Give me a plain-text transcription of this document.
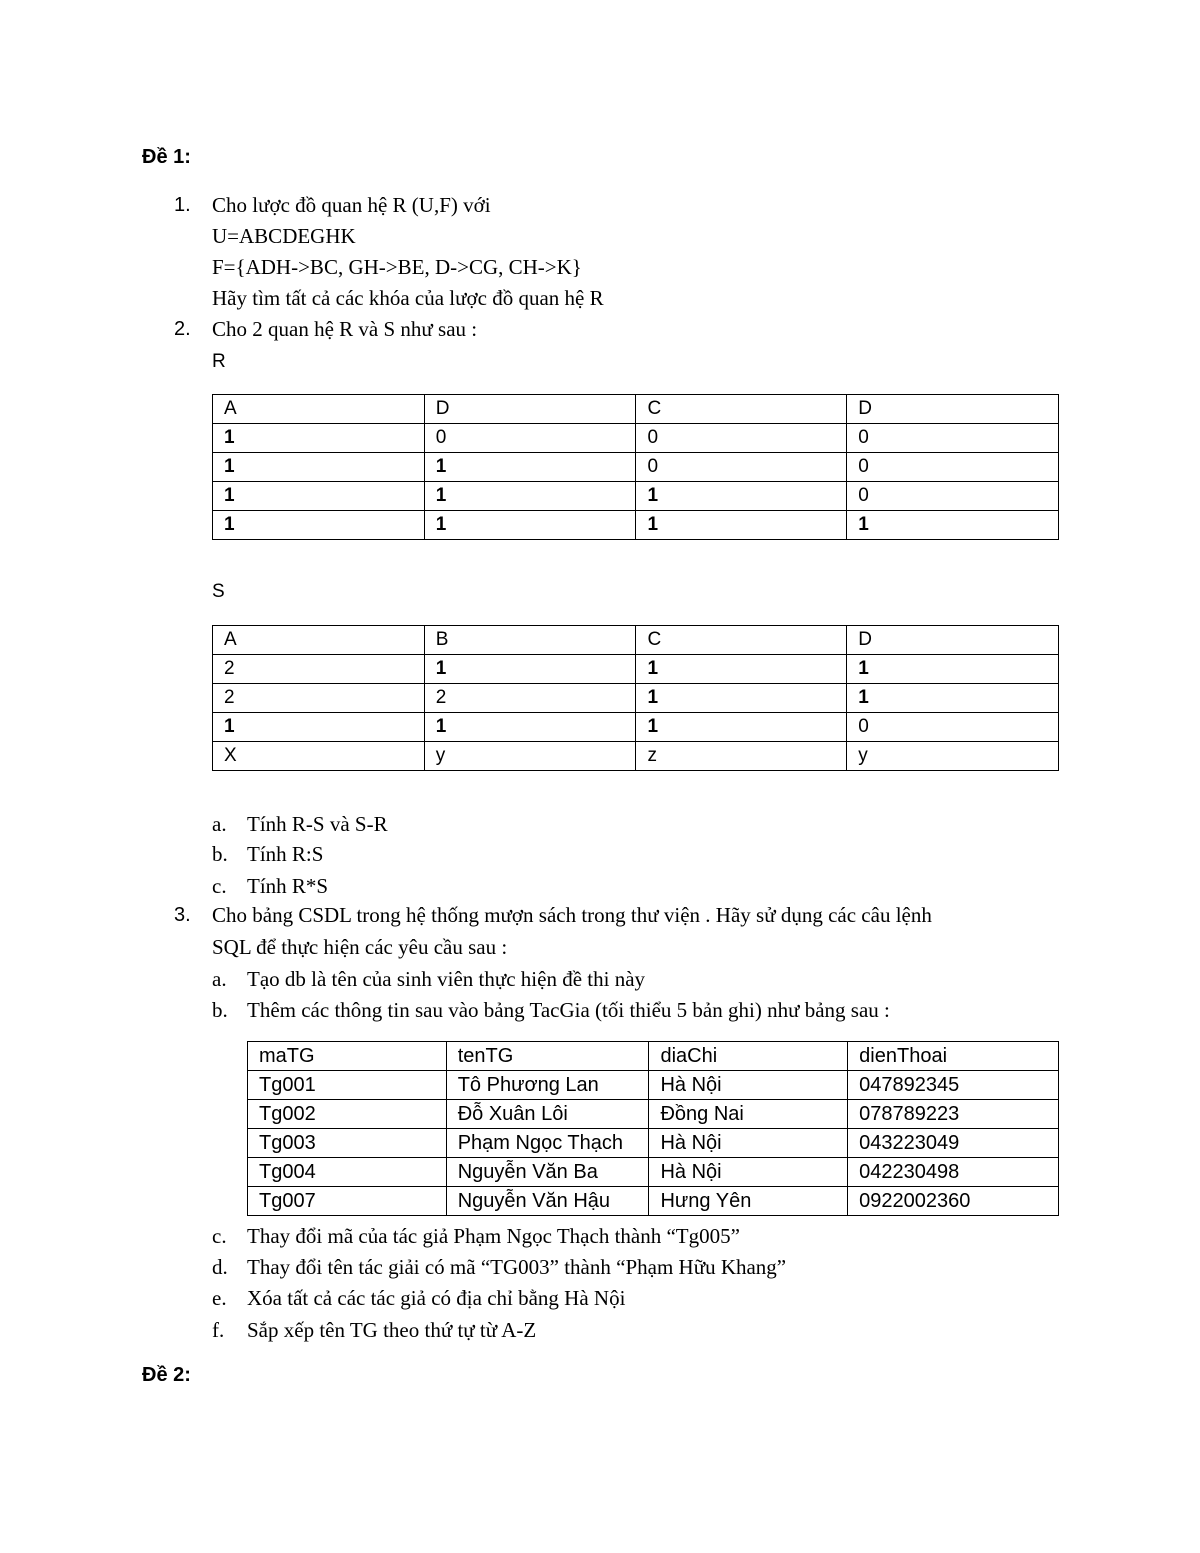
Đề 1:
1. Cho lược đồ quan hệ R (U,F) với
U=ABCDEGHK
F={ADH->BC, GH->BE, D->CG, CH->K}
Hãy tìm tất cả các khóa của lược đồ quan hệ R
2. Cho 2 quan hệ R và S như sau :
R
A	D	C	D
1	0	0	0
1	1	0	0
1	1	1	0
1	1	1	1
S
A	B	C	D
2	1	1	1
2	2	1	1
1	1	1	0
X	y	z	y
a. Tính R-S và S-R
b. Tính R:S
c. Tính R*S
3. Cho bảng CSDL trong hệ thống mượn sách trong thư viện . Hãy sử dụng các câu lệnh
SQL để thực hiện các yêu cầu sau :
a. Tạo db là tên của sinh viên thực hiện đề thi này
b. Thêm các thông tin sau vào bảng TacGia (tối thiểu 5 bản ghi) như bảng sau :
maTG	tenTG	diaChi	dienThoai
Tg001	Tô Phương Lan	Hà Nội	047892345
Tg002	Đỗ Xuân Lôi	Đồng Nai	078789223
Tg003	Phạm Ngọc Thạch	Hà Nội	043223049
Tg004	Nguyễn Văn Ba	Hà Nội	042230498
Tg007	Nguyễn Văn Hậu	Hưng Yên	0922002360
c. Thay đổi mã của tác giả Phạm Ngọc Thạch thành “Tg005”
d. Thay đổi tên tác giải có mã “TG003” thành “Phạm Hữu Khang”
e. Xóa tất cả các tác giả có địa chỉ bằng Hà Nội
f. Sắp xếp tên TG theo thứ tự từ A-Z
Đề 2:
